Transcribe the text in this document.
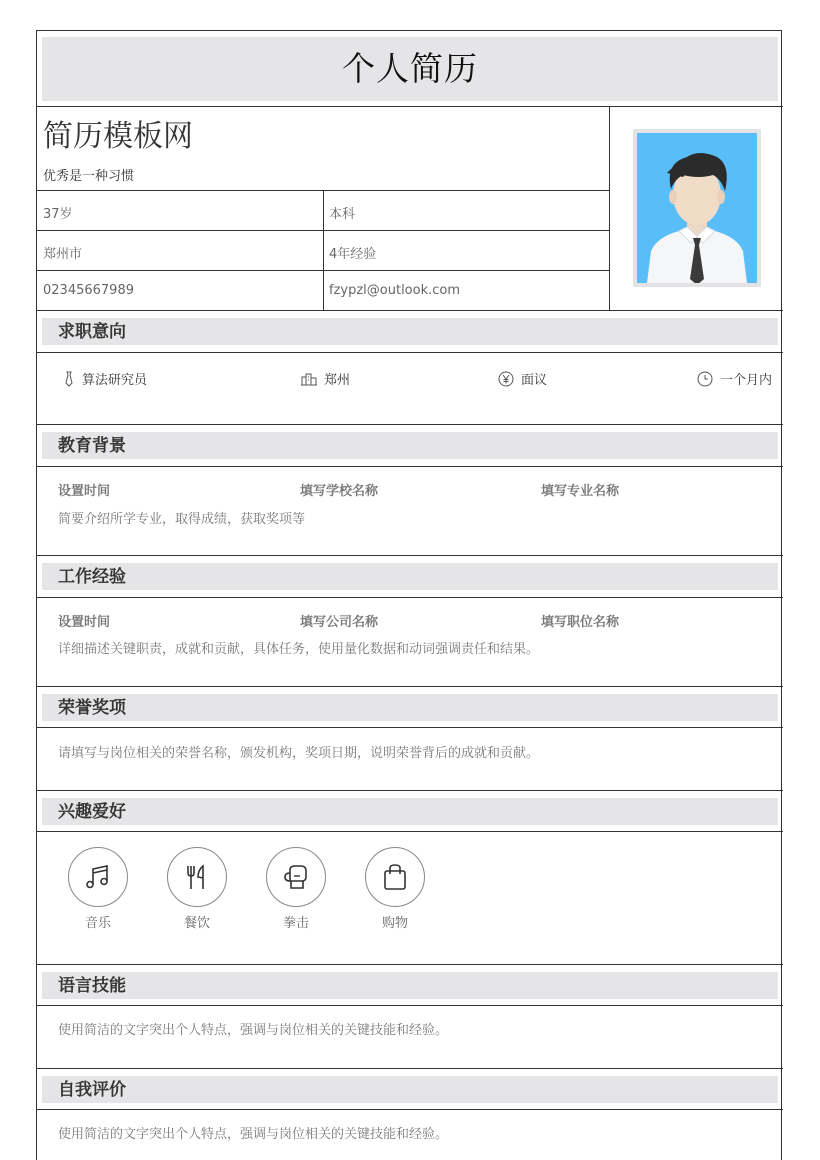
个人简历
简历模板网
优秀是一种习惯
37岁	本科
郑州市	4年经验
02345667989	fzypzl@outlook.com
求职意向
算法研究员	郑州	面议	一个月内
教育背景
设置时间	填写学校名称	填写专业名称
简要介绍所学专业，取得成绩，获取奖项等
工作经验
设置时间	填写公司名称	填写职位名称
详细描述关键职责，成就和贡献，具体任务，使用量化数据和动词强调责任和结果。
荣誉奖项
请填写与岗位相关的荣誉名称，颁发机构，奖项日期，说明荣誉背后的成就和贡献。
兴趣爱好
音乐	餐饮	拳击	购物
语言技能
使用简洁的文字突出个人特点，强调与岗位相关的关键技能和经验。
自我评价
使用简洁的文字突出个人特点，强调与岗位相关的关键技能和经验。
